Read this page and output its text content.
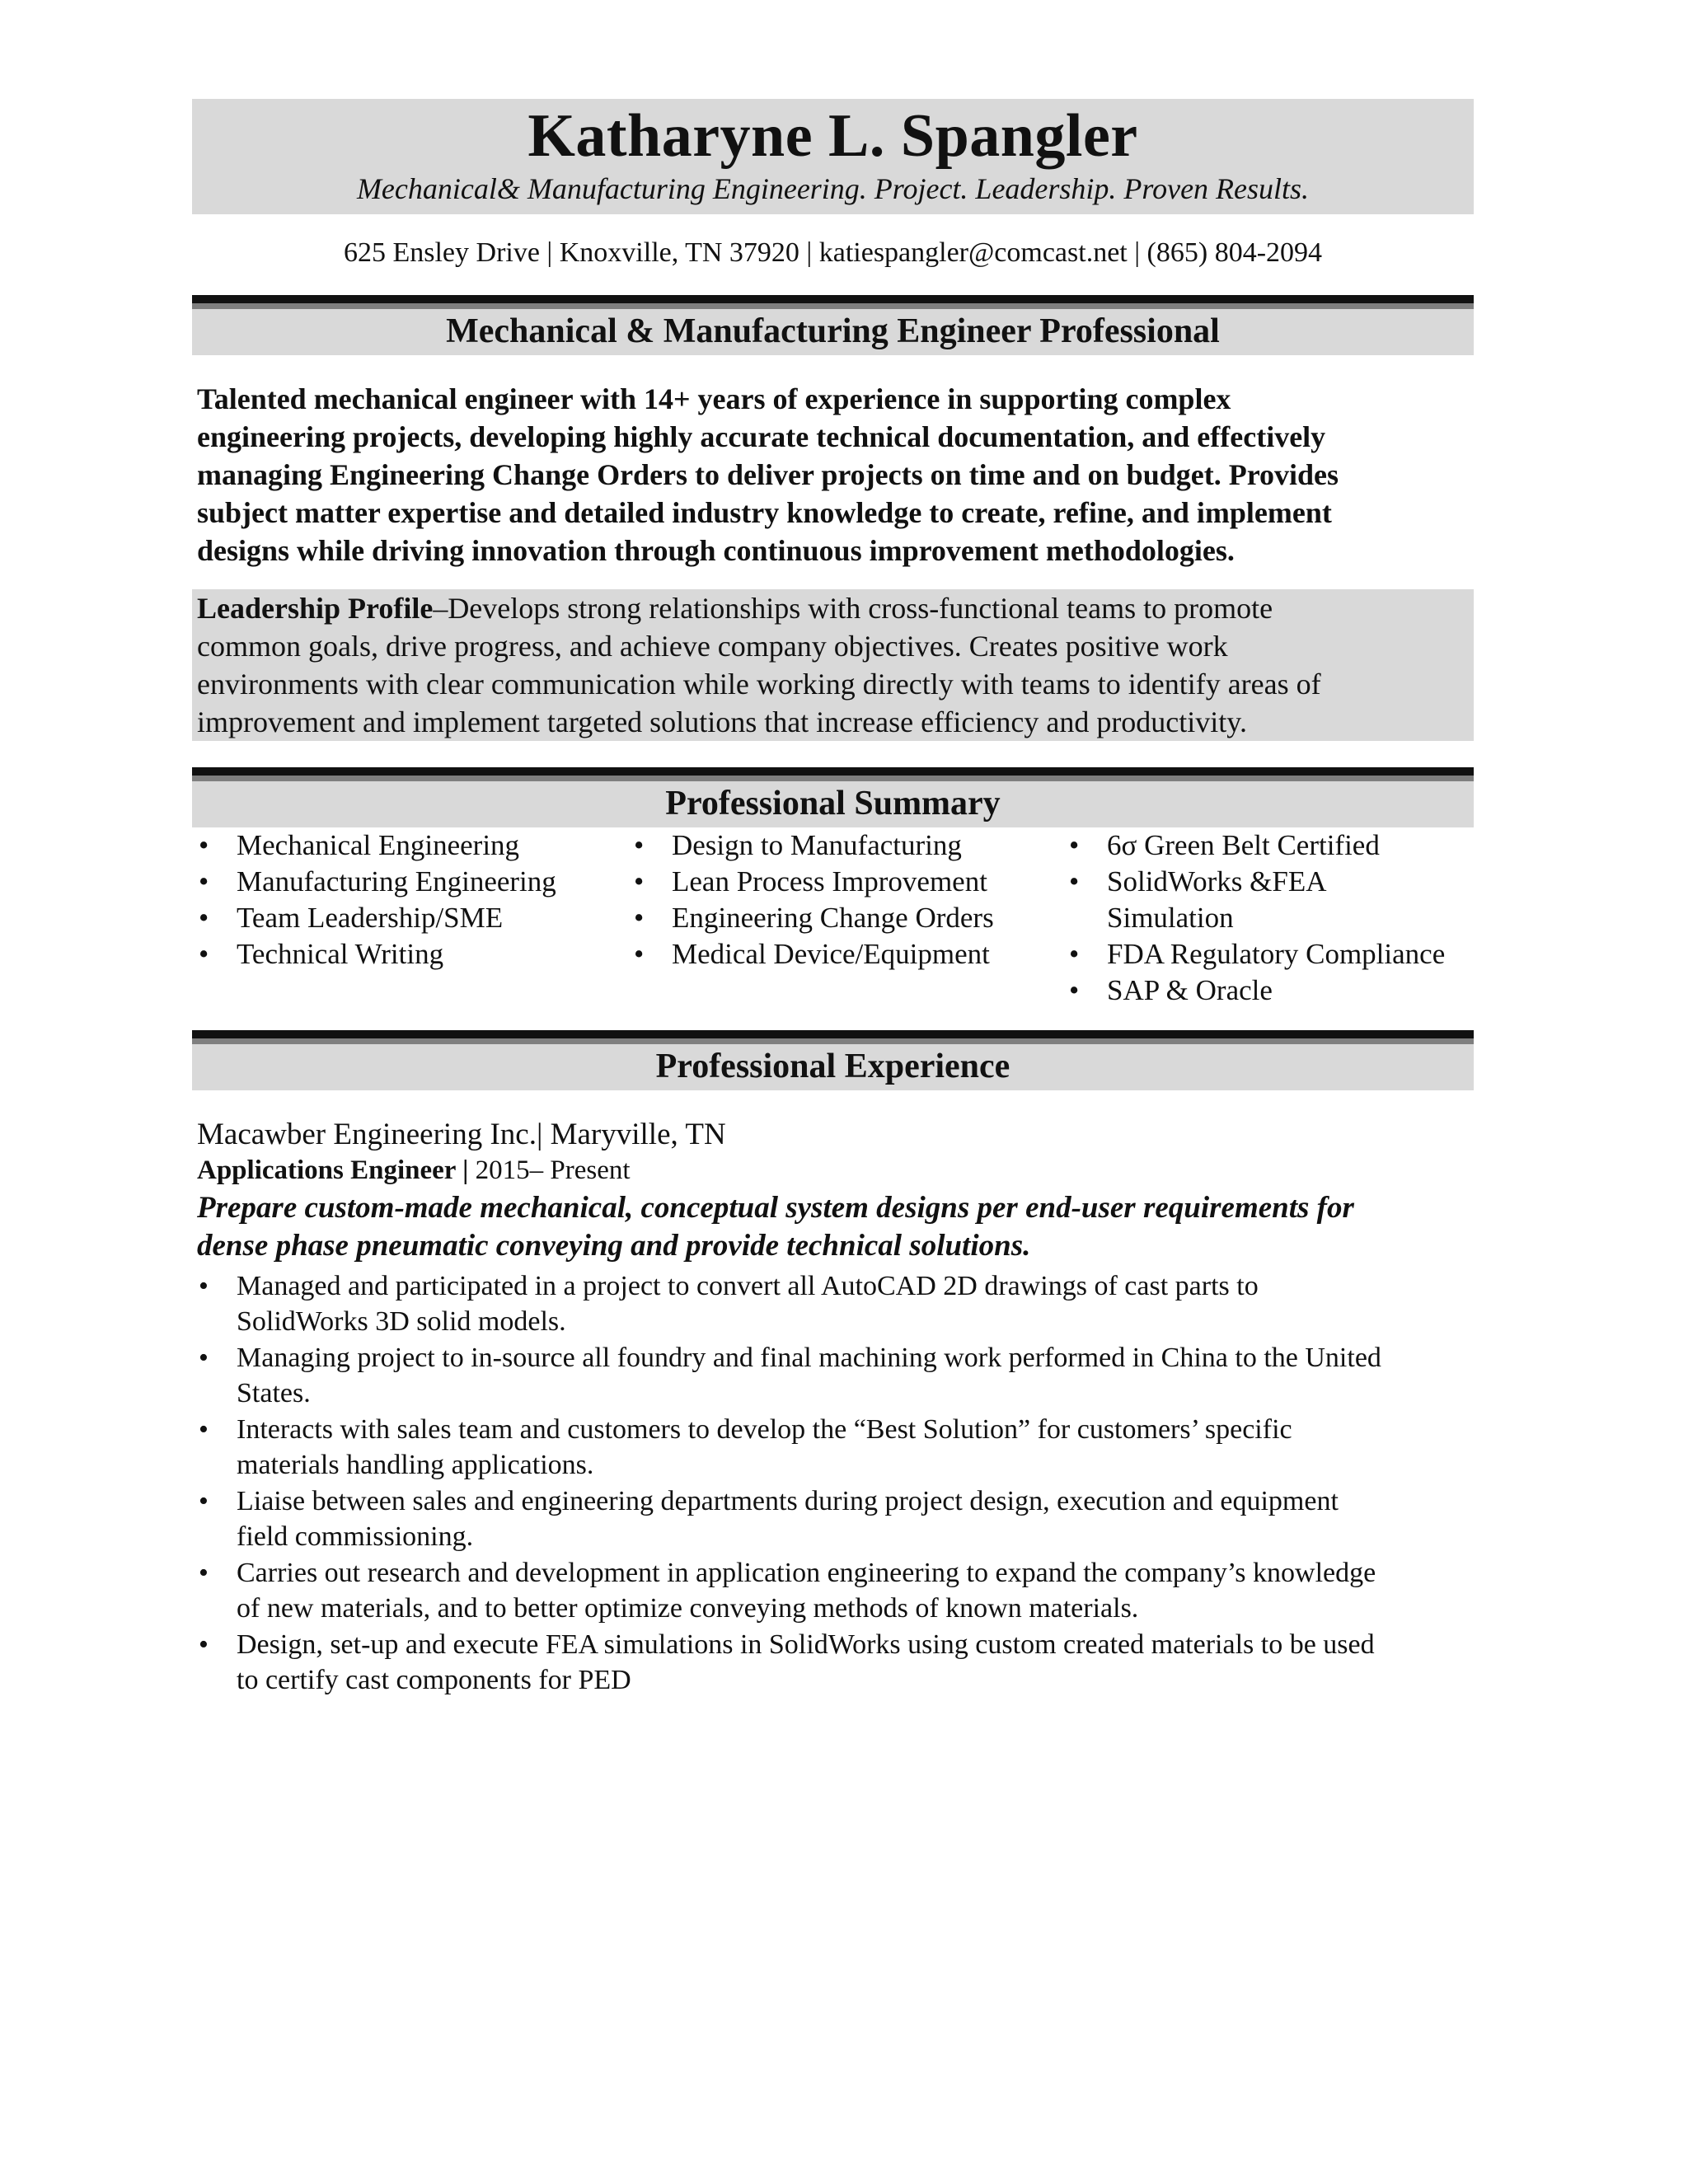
Katharyne L. Spangler
Mechanical& Manufacturing Engineering. Project. Leadership. Proven Results.
625 Ensley Drive | Knoxville, TN 37920 | katiespangler@comcast.net | (865) 804-2094
Mechanical & Manufacturing Engineer Professional
Talented mechanical engineer with 14+ years of experience in supporting complex
engineering projects, developing highly accurate technical documentation, and effectively
managing Engineering Change Orders to deliver projects on time and on budget. Provides
subject matter expertise and detailed industry knowledge to create, refine, and implement
designs while driving innovation through continuous improvement methodologies.
Leadership Profile–Develops strong relationships with cross-functional teams to promote
common goals, drive progress, and achieve company objectives. Creates positive work
environments with clear communication while working directly with teams to identify areas of
improvement and implement targeted solutions that increase efficiency and productivity.
Professional Summary
• Mechanical Engineering
• Manufacturing Engineering
• Team Leadership/SME
• Technical Writing
• Design to Manufacturing
• Lean Process Improvement
• Engineering Change Orders
• Medical Device/Equipment
• 6σ Green Belt Certified
• SolidWorks &FEA
Simulation
• FDA Regulatory Compliance
• SAP & Oracle
Professional Experience
Macawber Engineering Inc.| Maryville, TN
Applications Engineer | 2015– Present
Prepare custom-made mechanical, conceptual system designs per end-user requirements for
dense phase pneumatic conveying and provide technical solutions.
• Managed and participated in a project to convert all AutoCAD 2D drawings of cast parts to
SolidWorks 3D solid models.
• Managing project to in-source all foundry and final machining work performed in China to the United
States.
• Interacts with sales team and customers to develop the “Best Solution” for customers’ specific
materials handling applications.
• Liaise between sales and engineering departments during project design, execution and equipment
field commissioning.
• Carries out research and development in application engineering to expand the company’s knowledge
of new materials, and to better optimize conveying methods of known materials.
• Design, set-up and execute FEA simulations in SolidWorks using custom created materials to be used
to certify cast components for PED
